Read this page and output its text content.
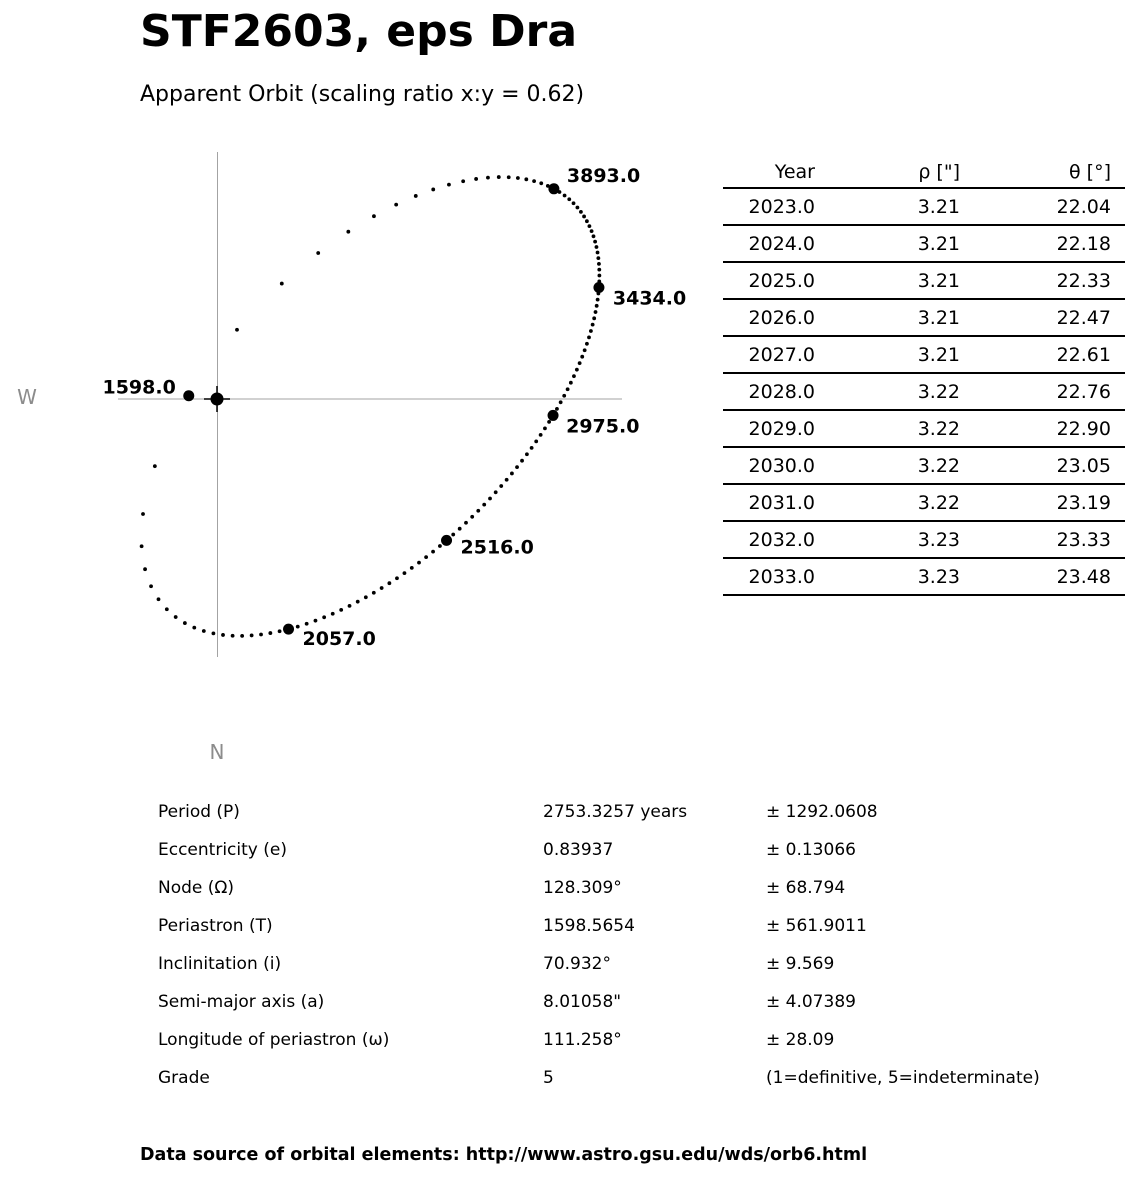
STF2603, eps Dra
Apparent Orbit (scaling ratio x:y = 0.62)
1598.0
2057.0
2516.0
2975.0
3434.0
3893.0
W
N
Year	ρ ["]	θ [°]
2023.0	3.21	22.04
2024.0	3.21	22.18
2025.0	3.21	22.33
2026.0	3.21	22.47
2027.0	3.21	22.61
2028.0	3.22	22.76
2029.0	3.22	22.90
2030.0	3.22	23.05
2031.0	3.22	23.19
2032.0	3.23	23.33
2033.0	3.23	23.48
Period (P)	2753.3257 years	± 1292.0608
Eccentricity (e)	0.83937	± 0.13066
Node (Ω)	128.309°	± 68.794
Periastron (T)	1598.5654	± 561.9011
Inclinitation (i)	70.932°	± 9.569
Semi-major axis (a)	8.01058"	± 4.07389
Longitude of periastron (ω)	111.258°	± 28.09
Grade	5	(1=definitive, 5=indeterminate)
Data source of orbital elements: http://www.astro.gsu.edu/wds/orb6.html
